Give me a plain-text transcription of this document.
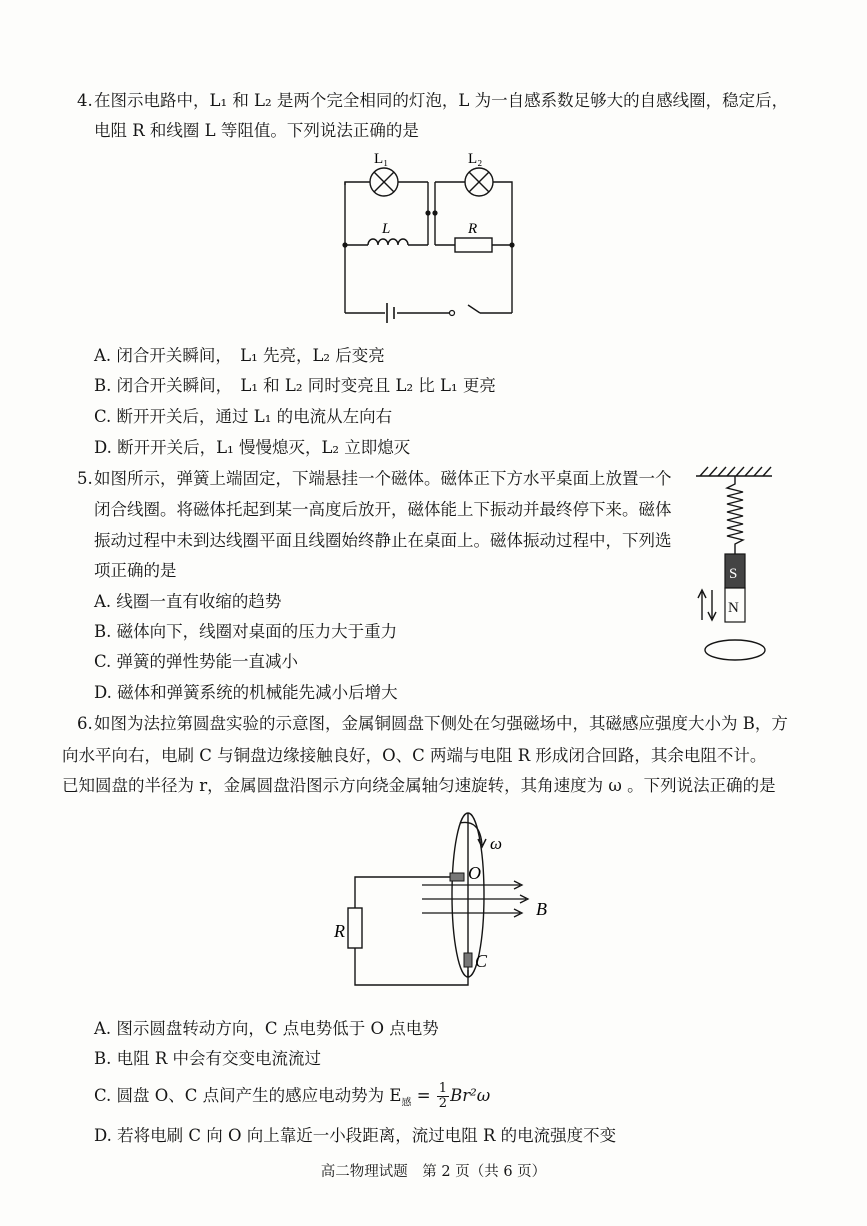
4. 在图示电路中，L₁ 和 L₂ 是两个完全相同的灯泡，L 为一自感系数足够大的自感线圈，稳定后，
电阻 R 和线圈 L 等阻值。下列说法正确的是
L₁	L₂
L	R
A. 闭合开关瞬间，　L₁ 先亮，L₂ 后变亮
B. 闭合开关瞬间，　L₁ 和 L₂ 同时变亮且 L₂ 比 L₁ 更亮
C. 断开开关后，通过 L₁ 的电流从左向右
D. 断开开关后，L₁ 慢慢熄灭，L₂ 立即熄灭
5. 如图所示，弹簧上端固定，下端悬挂一个磁体。磁体正下方水平桌面上放置一个
闭合线圈。将磁体托起到某一高度后放开，磁体能上下振动并最终停下来。磁体
振动过程中未到达线圈平面且线圈始终静止在桌面上。磁体振动过程中，下列选
项正确的是
A. 线圈一直有收缩的趋势
B. 磁体向下，线圈对桌面的压力大于重力
C. 弹簧的弹性势能一直减小
D. 磁体和弹簧系统的机械能先减小后增大
S
N
6. 如图为法拉第圆盘实验的示意图，金属铜圆盘下侧处在匀强磁场中，其磁感应强度大小为 B，方
向水平向右，电刷 C 与铜盘边缘接触良好，O、C 两端与电阻 R 形成闭合回路，其余电阻不计。
已知圆盘的半径为 r，金属圆盘沿图示方向绕金属轴匀速旋转，其角速度为 ω 。下列说法正确的是
ω
O
B
R
C
A. 图示圆盘转动方向，C 点电势低于 O 点电势
B. 电阻 R 中会有交变电流流过
C. 圆盘 O、C 点间产生的感应电动势为 $E_感 = \frac{1}{2} Br^2\omega$
D. 若将电刷 C 向 O 向上靠近一小段距离，流过电阻 R 的电流强度不变
高二物理试题　第 2 页（共 6 页）
